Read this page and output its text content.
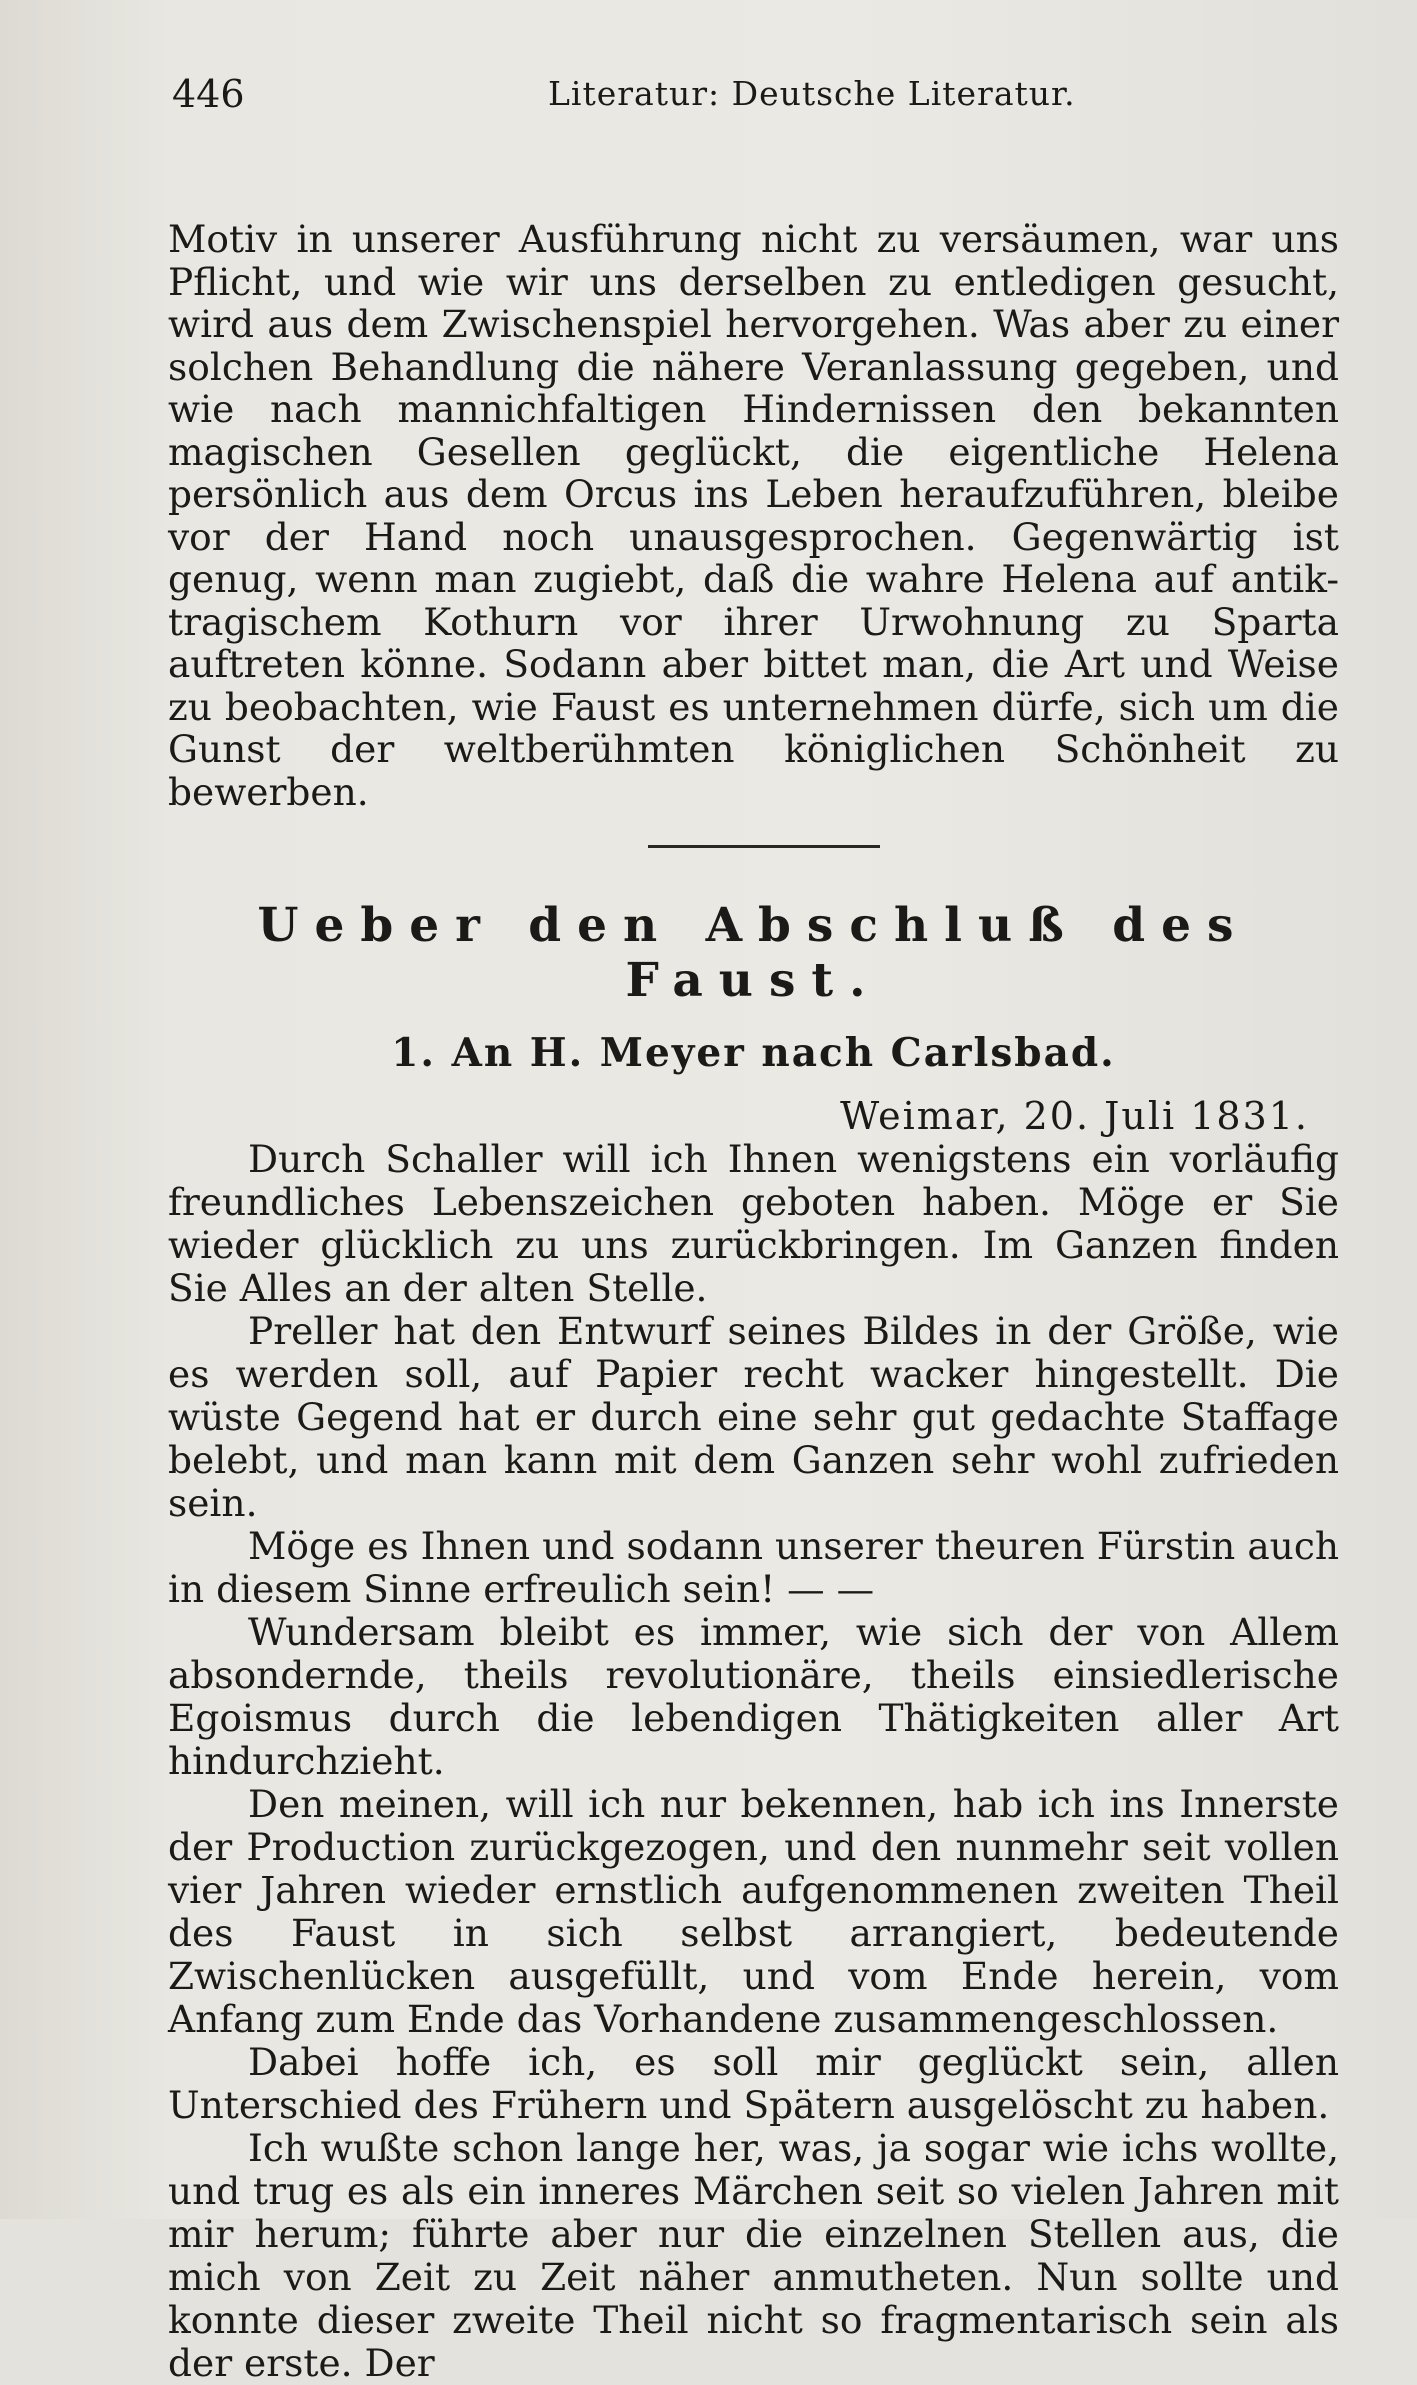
446	Literatur: Deutsche Literatur.

Motiv in unserer Ausführung nicht zu versäumen, war uns Pflicht, und wie wir uns derselben zu entledigen gesucht, wird aus dem Zwischenspiel hervorgehen. Was aber zu einer solchen Behandlung die nähere Veranlassung gegeben, und wie nach mannichfaltigen Hindernissen den bekannten magischen Gesellen geglückt, die eigentliche Helena persönlich aus dem Orcus ins Leben heraufzuführen, bleibe vor der Hand noch unausgesprochen. Gegenwärtig ist genug, wenn man zugiebt, daß die wahre Helena auf antik-tragischem Kothurn vor ihrer Urwohnung zu Sparta auftreten könne. Sodann aber bittet man, die Art und Weise zu beobachten, wie Faust es unternehmen dürfe, sich um die Gunst der weltberühmten königlichen Schönheit zu bewerben.

Ueber den Abschluß des Faust.
1. An H. Meyer nach Carlsbad.
Weimar, 20. Juli 1831.

Durch Schaller will ich Ihnen wenigstens ein vorläufig freundliches Lebenszeichen geboten haben. Möge er Sie wieder glücklich zu uns zurückbringen. Im Ganzen finden Sie Alles an der alten Stelle.

Preller hat den Entwurf seines Bildes in der Größe, wie es werden soll, auf Papier recht wacker hingestellt. Die wüste Gegend hat er durch eine sehr gut gedachte Staffage belebt, und man kann mit dem Ganzen sehr wohl zufrieden sein.

Möge es Ihnen und sodann unserer theuren Fürstin auch in diesem Sinne erfreulich sein! — —

Wundersam bleibt es immer, wie sich der von Allem absondernde, theils revolutionäre, theils einsiedlerische Egoismus durch die lebendigen Thätigkeiten aller Art hindurchzieht.

Den meinen, will ich nur bekennen, hab ich ins Innerste der Production zurückgezogen, und den nunmehr seit vollen vier Jahren wieder ernstlich aufgenommenen zweiten Theil des Faust in sich selbst arrangiert, bedeutende Zwischenlücken ausgefüllt, und vom Ende herein, vom Anfang zum Ende das Vorhandene zusammengeschlossen.

Dabei hoffe ich, es soll mir geglückt sein, allen Unterschied des Frühern und Spätern ausgelöscht zu haben.

Ich wußte schon lange her, was, ja sogar wie ichs wollte, und trug es als ein inneres Märchen seit so vielen Jahren mit mir herum; führte aber nur die einzelnen Stellen aus, die mich von Zeit zu Zeit näher anmutheten. Nun sollte und konnte dieser zweite Theil nicht so fragmentarisch sein als der erste. Der
